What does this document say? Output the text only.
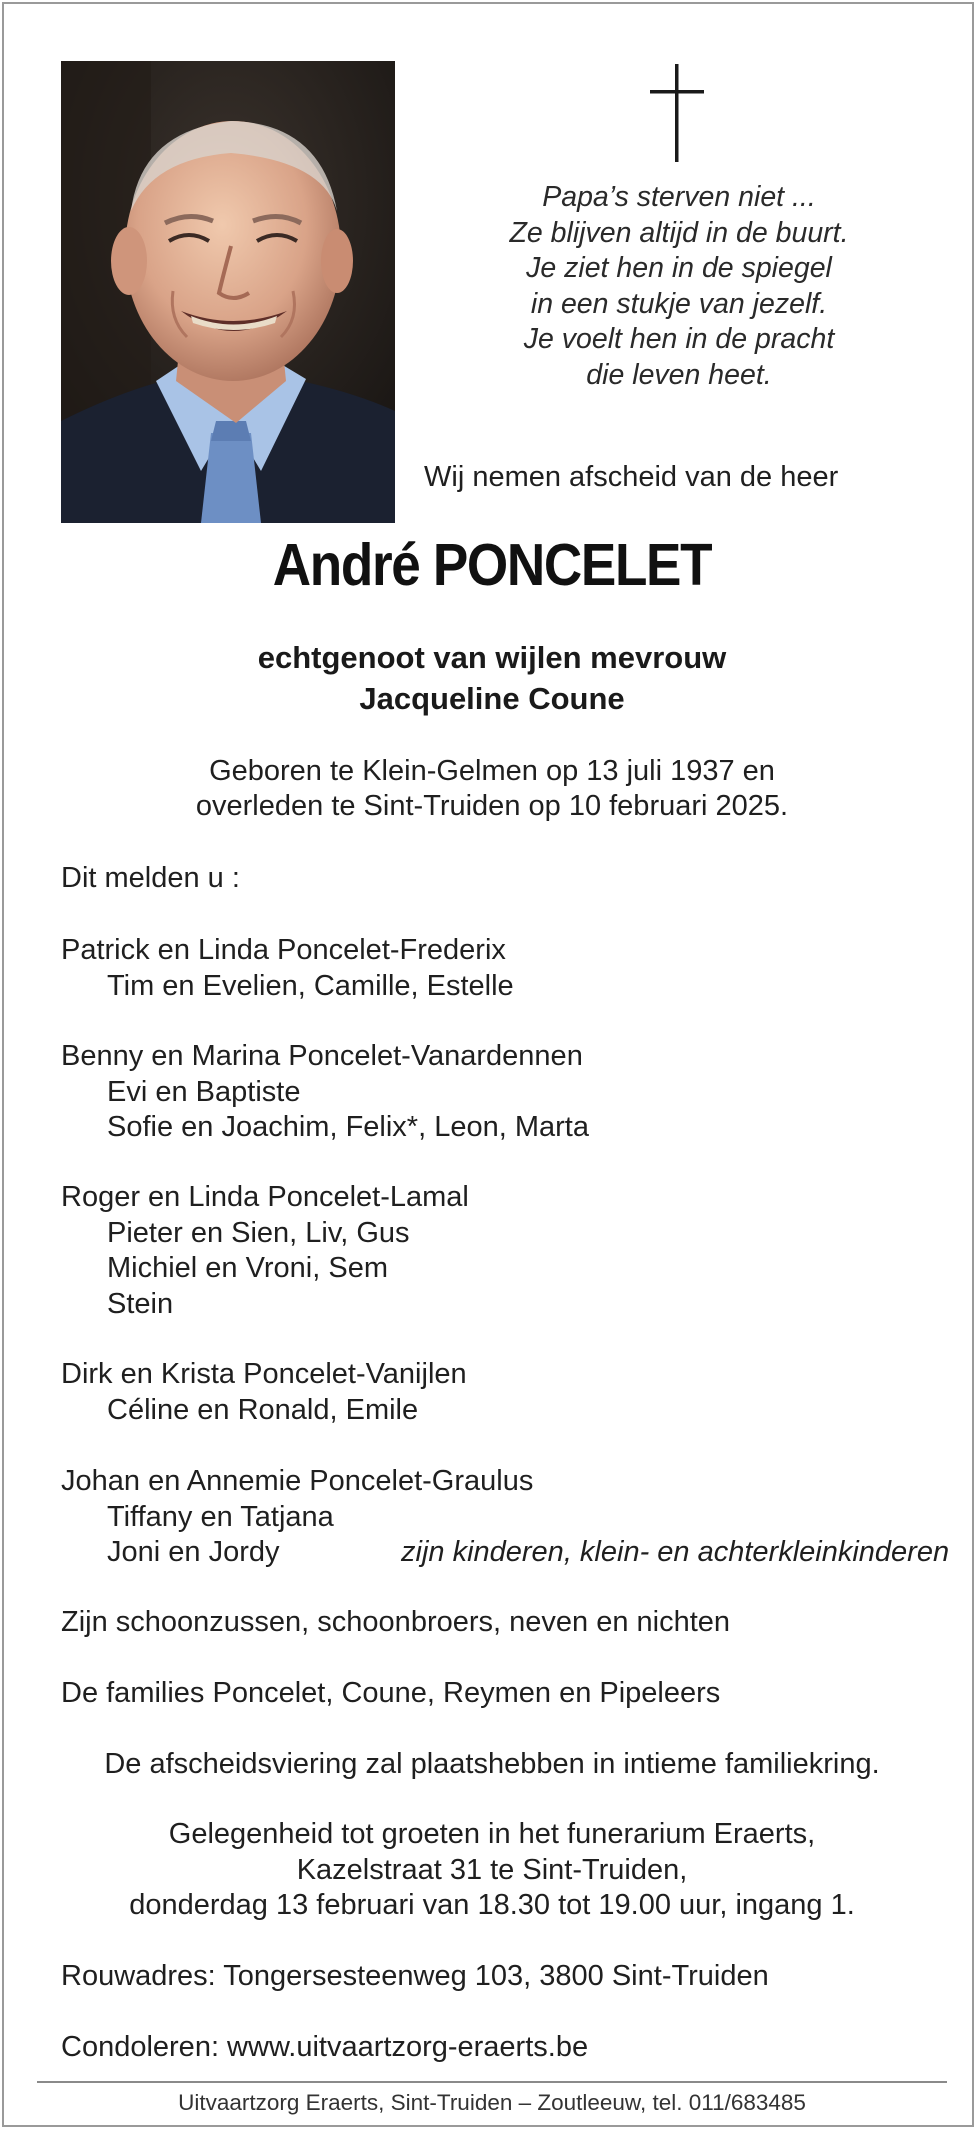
Papa’s sterven niet ...
Ze blijven altijd in de buurt.
Je ziet hen in de spiegel
in een stukje van jezelf.
Je voelt hen in de pracht
die leven heet.
Wij nemen afscheid van de heer
André PONCELET
echtgenoot van wijlen mevrouw
Jacqueline Coune
Geboren te Klein-Gelmen op 13 juli 1937 en
overleden te Sint-Truiden op 10 februari 2025.
Dit melden u :
Patrick en Linda Poncelet-Frederix
Tim en Evelien, Camille, Estelle
Benny en Marina Poncelet-Vanardennen
Evi en Baptiste
Sofie en Joachim, Felix*, Leon, Marta
Roger en Linda Poncelet-Lamal
Pieter en Sien, Liv, Gus
Michiel en Vroni, Sem
Stein
Dirk en Krista Poncelet-Vanijlen
Céline en Ronald, Emile
Johan en Annemie Poncelet-Graulus
Tiffany en Tatjana
Joni en Jordy	zijn kinderen, klein- en achterkleinkinderen
Zijn schoonzussen, schoonbroers, neven en nichten
De families Poncelet, Coune, Reymen en Pipeleers
De afscheidsviering zal plaatshebben in intieme familiekring.
Gelegenheid tot groeten in het funerarium Eraerts,
Kazelstraat 31 te Sint-Truiden,
donderdag 13 februari van 18.30 tot 19.00 uur, ingang 1.
Rouwadres: Tongersesteenweg 103, 3800 Sint-Truiden
Condoleren: www.uitvaartzorg-eraerts.be
Uitvaartzorg Eraerts, Sint-Truiden – Zoutleeuw, tel. 011/683485
